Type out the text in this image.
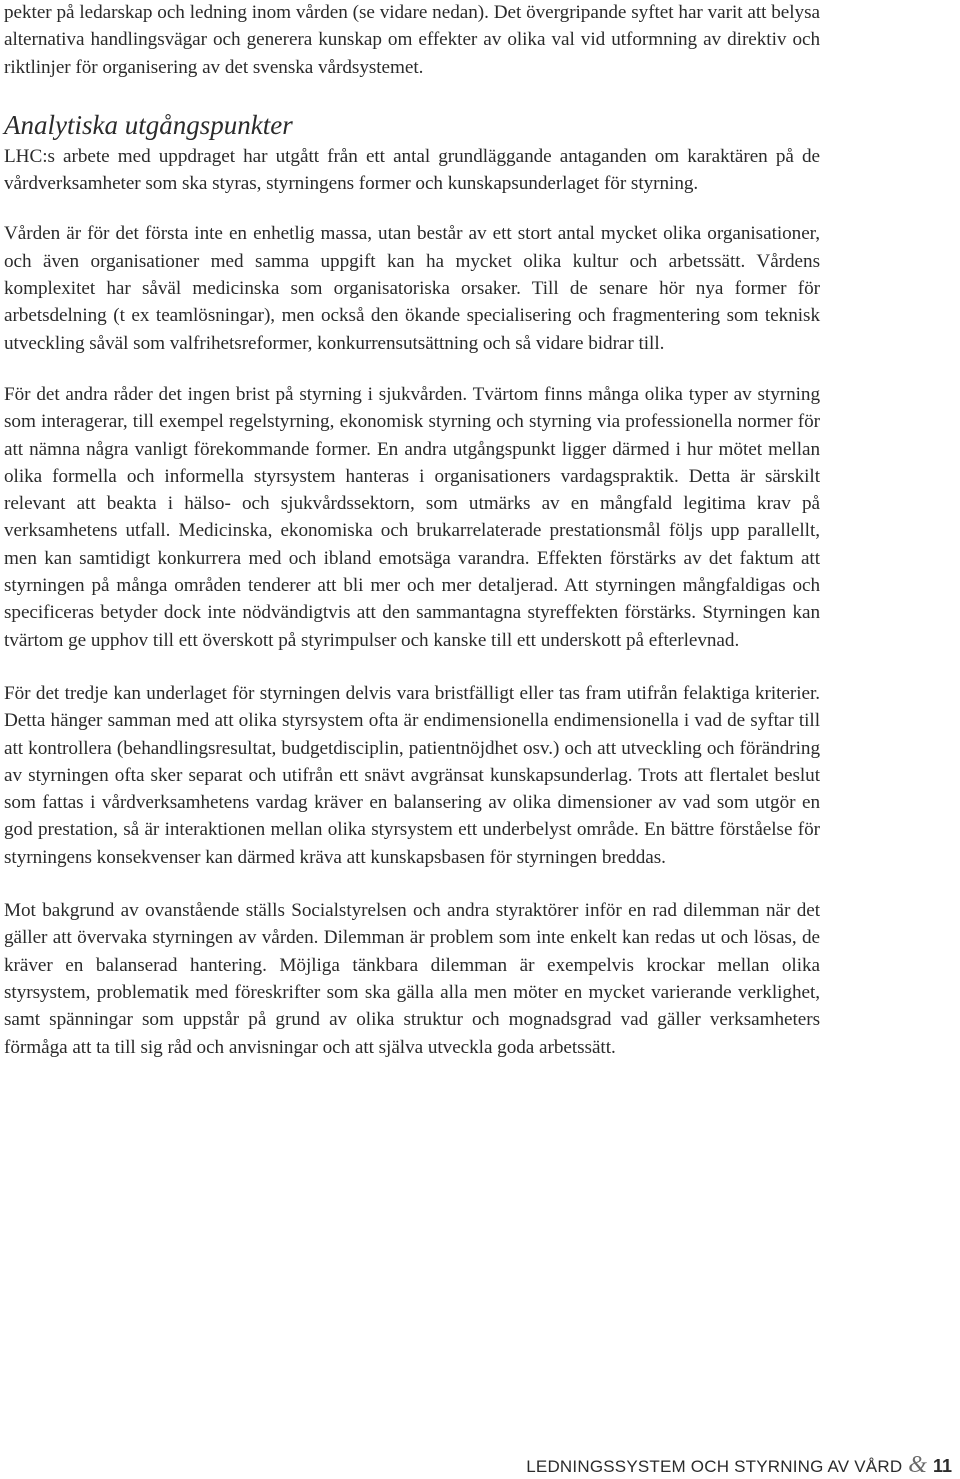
pekter på ledarskap och ledning inom vården (se vidare nedan). Det övergripande syftet har varit att belysa alternativa handlingsvägar och generera kunskap om effekter av olika val vid utformning av direktiv och riktlinjer för organisering av det svenska vårdsystemet.

Analytiska utgångspunkter

LHC:s arbete med uppdraget har utgått från ett antal grundläggande antaganden om karaktären på de vårdverksamheter som ska styras, styrningens former och kunskapsunderlaget för styrning.

Vården är för det första inte en enhetlig massa, utan består av ett stort antal mycket olika organisationer, och även organisationer med samma uppgift kan ha mycket olika kultur och arbetssätt. Vårdens komplexitet har såväl medicinska som organisatoriska orsaker. Till de senare hör nya former för arbetsdelning (t ex teamlösningar), men också den ökande specialisering och fragmentering som teknisk utveckling såväl som valfrihetsreformer, konkurrensutsättning och så vidare bidrar till.

För det andra råder det ingen brist på styrning i sjukvården. Tvärtom finns många olika typer av styrning som interagerar, till exempel regelstyrning, ekonomisk styrning och styrning via professionella normer för att nämna några vanligt förekommande former. En andra utgångspunkt ligger därmed i hur mötet mellan olika formella och informella styrsystem hanteras i organisationers vardagspraktik. Detta är särskilt relevant att beakta i hälso- och sjukvårdssektorn, som utmärks av en mångfald legitima krav på verksamhetens utfall. Medicinska, ekonomiska och brukarrelaterade prestationsmål följs upp parallellt, men kan samtidigt konkurrera med och ibland emotsäga varandra. Effekten förstärks av det faktum att styrningen på många områden tenderer att bli mer och mer detaljerad. Att styrningen mångfaldigas och specificeras betyder dock inte nödvändigtvis att den sammantagna styreffekten förstärks. Styrningen kan tvärtom ge upphov till ett överskott på styrimpulser och kanske till ett underskott på efterlevnad.

För det tredje kan underlaget för styrningen delvis vara bristfälligt eller tas fram utifrån felaktiga kriterier. Detta hänger samman med att olika styrsystem ofta är endimensionella endimensionella i vad de syftar till att kontrollera (behandlingsresultat, budgetdisciplin, patientnöjdhet osv.) och att utveckling och förändring av styrningen ofta sker separat och utifrån ett snävt avgränsat kunskapsunderlag. Trots att flertalet beslut som fattas i vårdverksamhetens vardag kräver en balansering av olika dimensioner av vad som utgör en god prestation, så är interaktionen mellan olika styrsystem ett underbelyst område. En bättre förståelse för styrningens konsekvenser kan därmed kräva att kunskapsbasen för styrningen breddas.

Mot bakgrund av ovanstående ställs Socialstyrelsen och andra styraktörer inför en rad dilemman när det gäller att övervaka styrningen av vården. Dilemman är problem som inte enkelt kan redas ut och lösas, de kräver en balanserad hantering. Möjliga tänkbara dilemman är exempelvis krockar mellan olika styrsystem, problematik med föreskrifter som ska gälla alla men möter en mycket varierande verklighet, samt spänningar som uppstår på grund av olika struktur och mognadsgrad vad gäller verksamheters förmåga att ta till sig råd och anvisningar och att själva utveckla goda arbetssätt.

LEDNINGSSYSTEM OCH STYRNING AV VÅRD & 11
